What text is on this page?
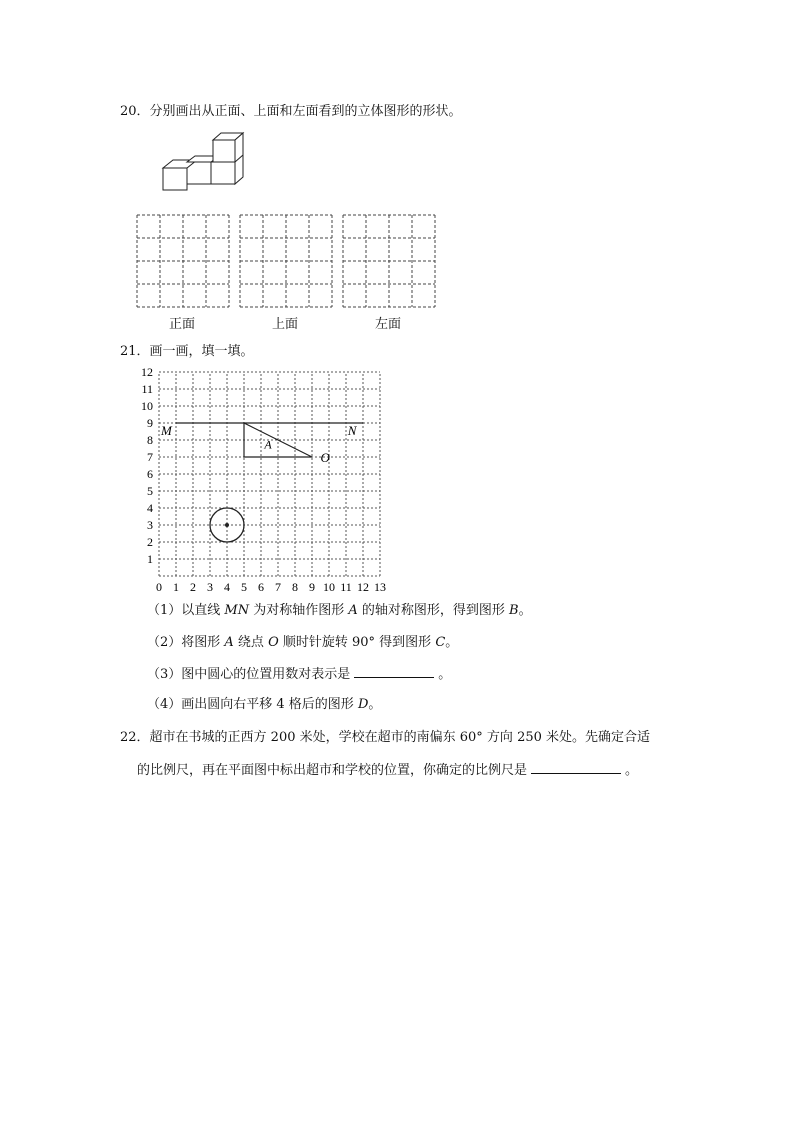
20．分别画出从正面、上面和左面看到的立体图形的形状。
正面	上面	左面
21．画一画，填一填。
0 1 2 3 4 5 6 7 8 9 10 11 12 13
1
2
3
4
5
6
7
8
9
10
11
12
M	N
A
O
（1）以直线 MN 为对称轴作图形 A 的轴对称图形，得到图形 B。
（2）将图形 A 绕点 O 顺时针旋转 90° 得到图形 C。
（3）图中圆心的位置用数对表示是	。
（4）画出圆向右平移 4 格后的图形 D。
22．超市在书城的正西方 200 米处，学校在超市的南偏东 60° 方向 250 米处。先确定合适
的比例尺，再在平面图中标出超市和学校的位置，你确定的比例尺是	。
